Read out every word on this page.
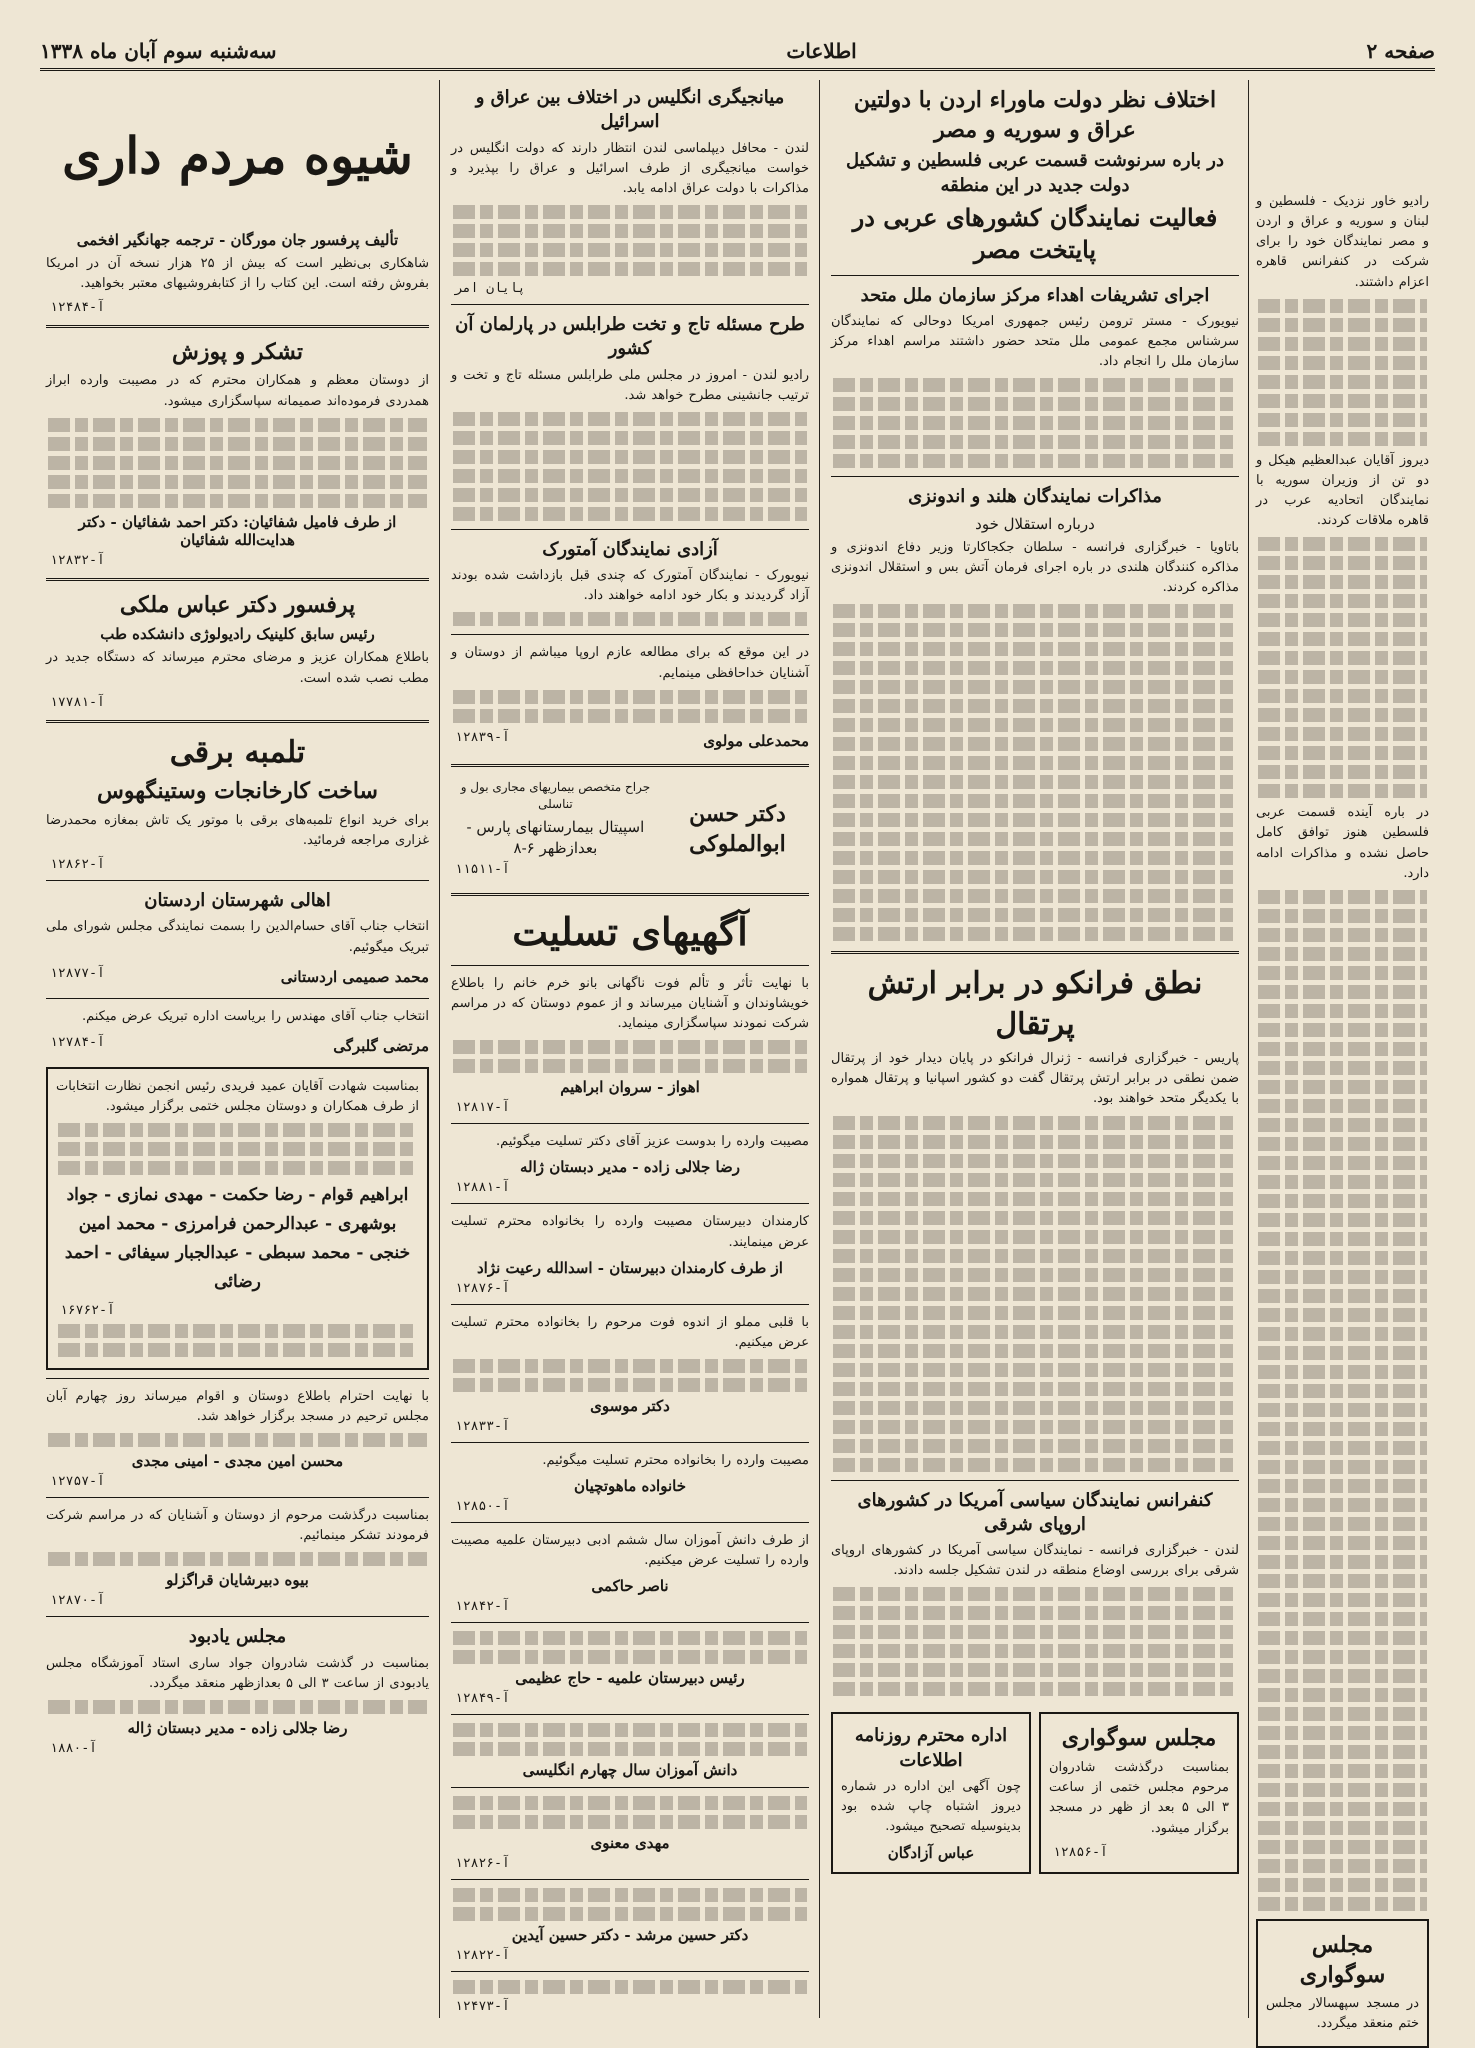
صفحه ۲
اطلاعات
سه‌شنبه سوم آبان ماه ۱۳۳۸
اختلاف نظر دولت ماوراء اردن با دولتین عراق و سوریه و مصر
در باره سرنوشت قسمت عربی فلسطین و تشکیل دولت جدید در این منطقه
فعالیت نمایندگان کشورهای عربی در پایتخت مصر
اجرای تشریفات اهداء مرکز سازمان ملل متحد
نیویورک - مستر ترومن رئیس جمهوری امریکا دوحالی که نمایندگان سرشناس مجمع عمومی ملل متحد حضور داشتند مراسم اهداء مرکز سازمان ملل را انجام داد.
مذاکرات نمایندگان هلند و اندونزی
درباره استقلال خود
باتاویا - خبرگزاری فرانسه - سلطان جکجاکارتا وزیر دفاع اندونزی و مذاکره کنندگان هلندی در باره اجرای فرمان آتش بس و استقلال اندونزی مذاکره کردند.
نطق فرانکو در برابر ارتش پرتقال
پاریس - خبرگزاری فرانسه - ژنرال فرانکو در پایان دیدار خود از پرتقال ضمن نطقی در برابر ارتش پرتقال گفت دو کشور اسپانیا و پرتقال همواره با یکدیگر متحد خواهند بود.
کنفرانس نمایندگان سیاسی آمریکا در کشورهای اروپای شرقی
لندن - خبرگزاری فرانسه - نمایندگان سیاسی آمریکا در کشورهای اروپای شرقی برای بررسی اوضاع منطقه در لندن تشکیل جلسه دادند.
مجلس سوگواری
بمناسبت درگذشت شادروان مرحوم مجلس ختمی از ساعت ۳ الی ۵ بعد از ظهر در مسجد برگزار میشود.
آ-۱۲۸۵۶
اداره محترم روزنامه اطلاعات
چون آگهی این اداره در شماره دیروز اشتباه چاپ شده بود بدینوسیله تصحیح میشود.
عباس آزادگان
رادیو خاور نزدیک - فلسطین و لبنان و سوریه و عراق و اردن و مصر نمایندگان خود را برای شرکت در کنفرانس قاهره اعزام داشتند.
دیروز آقایان عبدالعظیم هیکل و دو تن از وزیران سوریه با نمایندگان اتحادیه عرب در قاهره ملاقات کردند.
در باره آینده قسمت عربی فلسطین هنوز توافق کامل حاصل نشده و مذاکرات ادامه دارد.
مجلس سوگواری
در مسجد سپهسالار مجلس ختم منعقد میگردد.
میانجیگری انگلیس در اختلاف بین عراق و اسرائیل
لندن - محافل دیپلماسی لندن انتظار دارند که دولت انگلیس در خواست میانجیگری از طرف اسرائیل و عراق را بپذیرد و مذاکرات با دولت عراق ادامه یابد.
پایان امر
طرح مسئله تاج و تخت طرابلس در پارلمان آن کشور
رادیو لندن - امروز در مجلس ملی طرابلس مسئله تاج و تخت و ترتیب جانشینی مطرح خواهد شد.
آزادی نمایندگان آمتورک
نیویورک - نمایندگان آمتورک که چندی قبل بازداشت شده بودند آزاد گردیدند و بکار خود ادامه خواهند داد.
در این موقع که برای مطالعه عازم اروپا میباشم از دوستان و آشنایان خداحافظی مینمایم.
محمدعلی مولوی
آ-۱۲۸۳۹
دکتر حسن ابوالملوکی
جراح متخصص بیماریهای مجاری بول و تناسلی
اسپیتال بیمارستانهای پارس - بعدازظهر ۶-۸
آ-۱۱۵۱۱
آگهیهای تسلیت
با نهایت تأثر و تألم فوت ناگهانی بانو خرم خانم را باطلاع خویشاوندان و آشنایان میرساند و از عموم دوستان که در مراسم شرکت نمودند سپاسگزاری مینماید.
اهواز - سروان ابراهیم
آ-۱۲۸۱۷
مصیبت وارده را بدوست عزیز آقای دکتر تسلیت میگوئیم.
رضا جلالی زاده - مدیر دبستان ژاله
آ-۱۲۸۸۱
کارمندان دبیرستان مصیبت وارده را بخانواده محترم تسلیت عرض مینمایند.
از طرف کارمندان دبیرستان - اسدالله رعیت نژاد
آ-۱۲۸۷۶
با قلبی مملو از اندوه فوت مرحوم را بخانواده محترم تسلیت عرض میکنیم.
دکتر موسوی
آ-۱۲۸۳۳
مصیبت وارده را بخانواده محترم تسلیت میگوئیم.
خانواده ماهوتچیان
آ-۱۲۸۵۰
از طرف دانش آموزان سال ششم ادبی دبیرستان علمیه مصیبت وارده را تسلیت عرض میکنیم.
ناصر حاکمی
آ-۱۲۸۴۲
رئیس دبیرستان علمیه - حاج عظیمی
آ-۱۲۸۴۹
دانش آموزان سال چهارم انگلیسی
مهدی معنوی
آ-۱۲۸۲۶
دکتر حسین مرشد - دکتر حسین آیدین
آ-۱۲۸۲۲
آ-۱۲۴۷۳
شیوه مردم داری
تألیف پرفسور جان مورگان - ترجمه جهانگیر افخمی
شاهکاری بی‌نظیر است که بیش از ۲۵ هزار نسخه آن در امریکا بفروش رفته است. این کتاب را از کتابفروشیهای معتبر بخواهید.
آ-۱۲۴۸۴
تشکر و پوزش
از دوستان معظم و همکاران محترم که در مصیبت وارده ابراز همدردی فرموده‌اند صمیمانه سپاسگزاری میشود.
از طرف فامیل شفائیان: دکتر احمد شفائیان - دکتر هدایت‌الله شفائیان
آ-۱۲۸۳۲
پرفسور دکتر عباس ملکی
رئیس سابق کلینیک رادیولوژی دانشکده طب
باطلاع همکاران عزیز و مرضای محترم میرساند که دستگاه جدید در مطب نصب شده است.
آ-۱۷۷۸۱
تلمبه برقی
ساخت کارخانجات وستینگهوس
برای خرید انواع تلمبه‌های برقی با موتور یک تاش بمغازه محمدرضا غزاری مراجعه فرمائید.
آ-۱۲۸۶۲
اهالی شهرستان اردستان
انتخاب جناب آقای حسام‌الدین را بسمت نمایندگی مجلس شورای ملی تبریک میگوئیم.
محمد صمیمی اردستانی
آ-۱۲۸۷۷
انتخاب جناب آقای مهندس را بریاست اداره تبریک عرض میکنم.
مرتضی گلبرگی
آ-۱۲۷۸۴
بمناسبت شهادت آقایان عمید فریدی رئیس انجمن نظارت انتخابات از طرف همکاران و دوستان مجلس ختمی برگزار میشود.
ابراهیم قوام - رضا حکمت - مهدی نمازی - جواد بوشهری - عبدالرحمن فرامرزی - محمد امین خنجی - محمد سبطی - عبدالجبار سیفائی - احمد رضائی
آ-۱۶۷۶۲
با نهایت احترام باطلاع دوستان و اقوام میرساند روز چهارم آبان مجلس ترحیم در مسجد برگزار خواهد شد.
محسن امین مجدی - امینی مجدی
آ-۱۲۷۵۷
بمناسبت درگذشت مرحوم از دوستان و آشنایان که در مراسم شرکت فرمودند تشکر مینمائیم.
بیوه دبیرشایان قراگزلو
آ-۱۲۸۷۰
مجلس یادبود
بمناسبت در گذشت شادروان جواد ساری استاد آموزشگاه مجلس یادبودی از ساعت ۳ الی ۵ بعدازظهر منعقد میگردد.
رضا جلالی زاده - مدیر دبستان ژاله
آ-۱۸۸۰
